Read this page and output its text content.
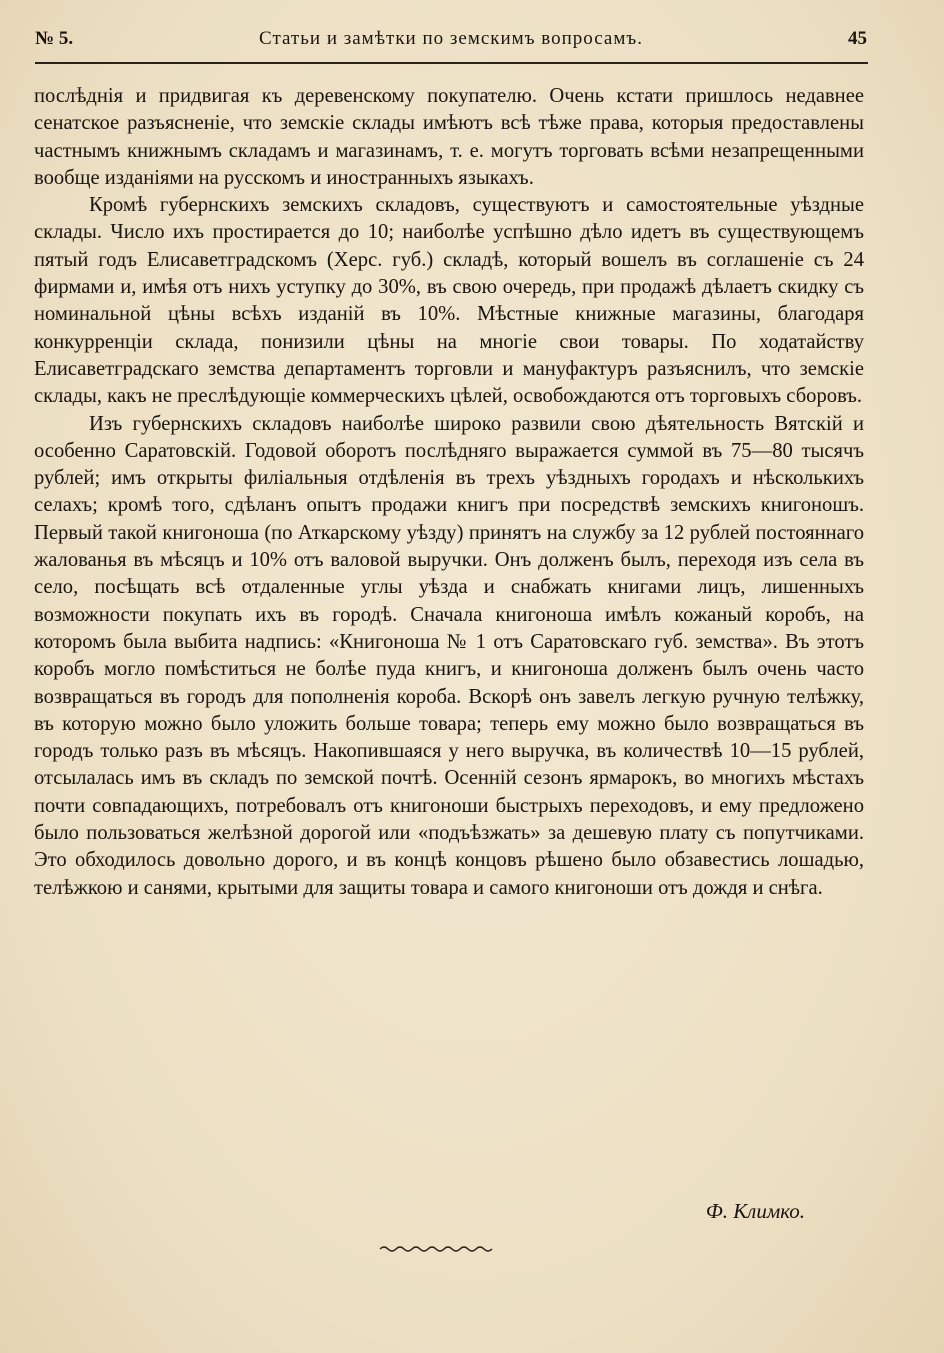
№ 5.	Статьи и замѣтки по земскимъ вопросамъ.	45

послѣднія и придвигая къ деревенскому покупателю. Очень кстати пришлось недавнее сенатское разъясненіе, что земскіе склады имѣютъ всѣ тѣже права, которыя предоставлены частнымъ книжнымъ складамъ и магазинамъ, т. е. могутъ торговать всѣми незапрещенными вообще изданіями на русскомъ и иностранныхъ языкахъ.

Кромѣ губернскихъ земскихъ складовъ, существуютъ и самостоятельные уѣздные склады. Число ихъ простирается до 10; наиболѣе успѣшно дѣло идетъ въ существующемъ пятый годъ Елисаветградскомъ (Херс. губ.) складѣ, который вошелъ въ соглашеніе съ 24 фирмами и, имѣя отъ нихъ уступку до 30%, въ свою очередь, при продажѣ дѣлаетъ скидку съ номинальной цѣны всѣхъ изданій въ 10%. Мѣстные книжные магазины, благодаря конкурренціи склада, понизили цѣны на многіе свои товары. По ходатайству Елисаветградскаго земства департаментъ торговли и мануфактуръ разъяснилъ, что земскіе склады, какъ не преслѣдующіе коммерческихъ цѣлей, освобождаются отъ торговыхъ сборовъ.

Изъ губернскихъ складовъ наиболѣе широко развили свою дѣятельность Вятскій и особенно Саратовскій. Годовой оборотъ послѣдняго выражается суммой въ 75—80 тысячъ рублей; имъ открыты филіальныя отдѣленія въ трехъ уѣздныхъ городахъ и нѣсколькихъ селахъ; кромѣ того, сдѣланъ опытъ продажи книгъ при посредствѣ земскихъ книгоношъ. Первый такой книгоноша (по Аткарскому уѣзду) принятъ на службу за 12 рублей постояннаго жалованья въ мѣсяцъ и 10% отъ валовой выручки. Онъ долженъ былъ, переходя изъ села въ село, посѣщать всѣ отдаленные углы уѣзда и снабжать книгами лицъ, лишенныхъ возможности покупать ихъ въ городѣ. Сначала книгоноша имѣлъ кожаный коробъ, на которомъ была выбита надпись: «Книгоноша № 1 отъ Саратовскаго губ. земства». Въ этотъ коробъ могло помѣститься не болѣе пуда книгъ, и книгоноша долженъ былъ очень часто возвращаться въ городъ для пополненія короба. Вскорѣ онъ завелъ легкую ручную телѣжку, въ которую можно было уложить больше товара; теперь ему можно было возвращаться въ городъ только разъ въ мѣсяцъ. Накопившаяся у него выручка, въ количествѣ 10—15 рублей, отсылалась имъ въ складъ по земской почтѣ. Осенній сезонъ ярмарокъ, во многихъ мѣстахъ почти совпадающихъ, потребовалъ отъ книгоноши быстрыхъ переходовъ, и ему предложено было пользоваться желѣзной дорогой или «подъѣзжать» за дешевую плату съ попутчиками. Это обходилось довольно дорого, и въ концѣ концовъ рѣшено было обзавестись лошадью, телѣжкою и санями, крытыми для защиты товара и самого книгоноши отъ дождя и снѣга.

Ф. Климко.
